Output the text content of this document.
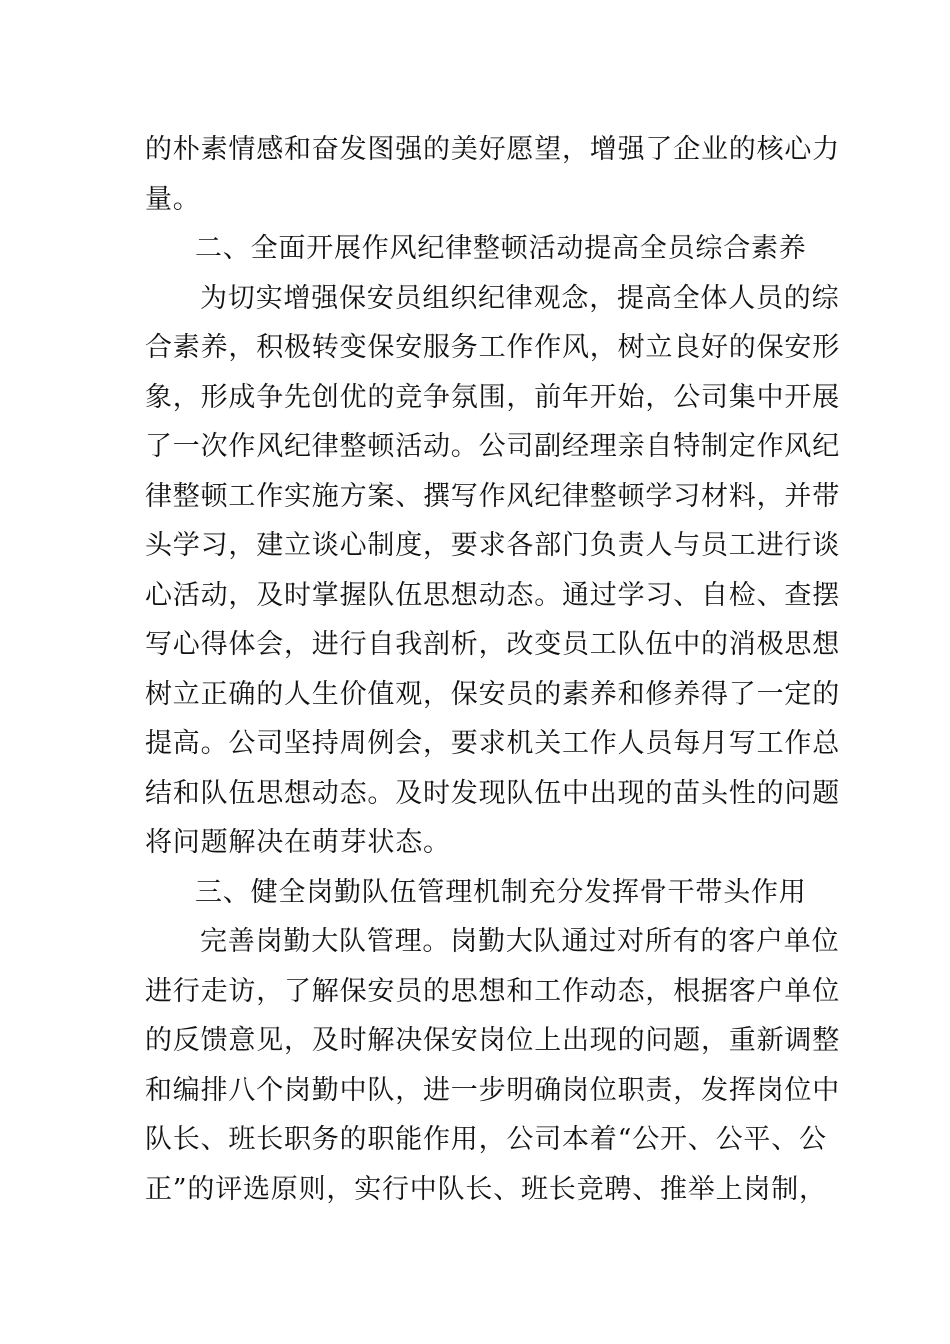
的朴素情感和奋发图强的美好愿望，增强了企业的核心力
量。
二、全面开展作风纪律整顿活动提高全员综合素养
为切实增强保安员组织纪律观念，提高全体人员的综
合素养，积极转变保安服务工作作风，树立良好的保安形
象，形成争先创优的竞争氛围，前年开始，公司集中开展
了一次作风纪律整顿活动。公司副经理亲自特制定作风纪
律整顿工作实施方案、撰写作风纪律整顿学习材料，并带
头学习，建立谈心制度，要求各部门负责人与员工进行谈
心活动，及时掌握队伍思想动态。通过学习、自检、查摆
写心得体会，进行自我剖析，改变员工队伍中的消极思想
树立正确的人生价值观，保安员的素养和修养得了一定的
提高。公司坚持周例会，要求机关工作人员每月写工作总
结和队伍思想动态。及时发现队伍中出现的苗头性的问题
将问题解决在萌芽状态。
三、健全岗勤队伍管理机制充分发挥骨干带头作用
完善岗勤大队管理。岗勤大队通过对所有的客户单位
进行走访，了解保安员的思想和工作动态，根据客户单位
的反馈意见，及时解决保安岗位上出现的问题，重新调整
和编排八个岗勤中队，进一步明确岗位职责，发挥岗位中
队长、班长职务的职能作用，公司本着“公开、公平、公
正”的评选原则，实行中队长、班长竞聘、推举上岗制，
